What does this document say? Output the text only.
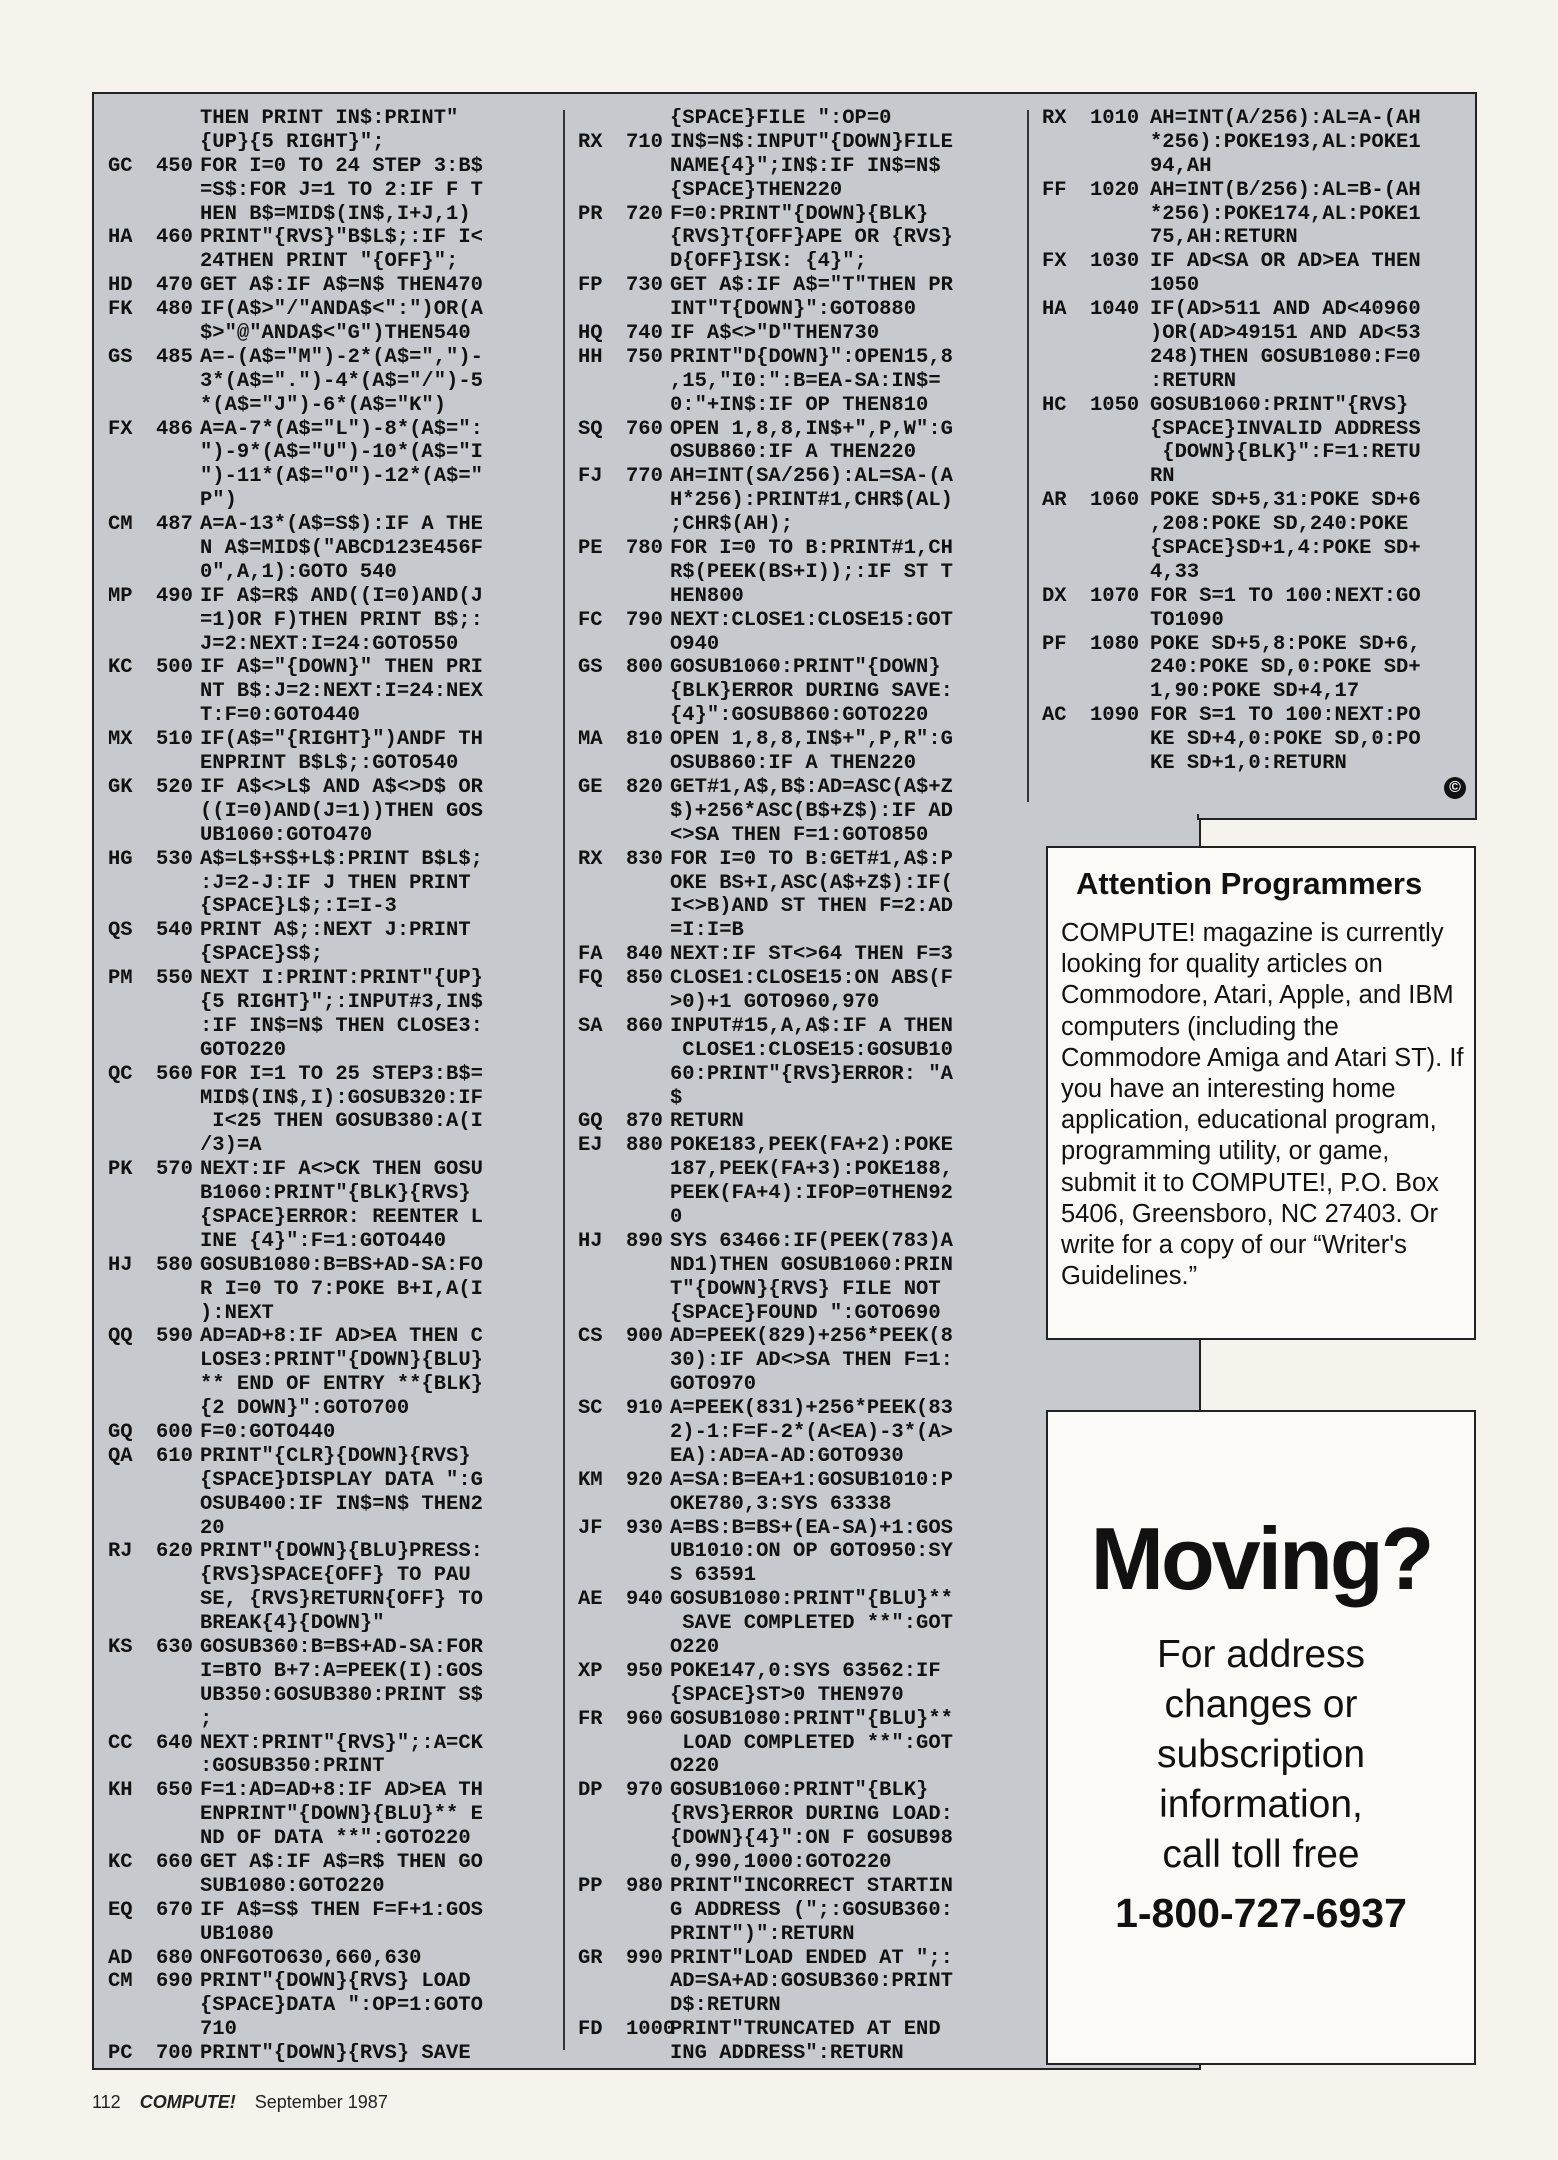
THEN PRINT IN$:PRINT"
{UP}{5 RIGHT}";
GC 450 FOR I=0 TO 24 STEP 3:B$
=S$:FOR J=1 TO 2:IF F T
HEN B$=MID$(IN$,I+J,1)
HA 460 PRINT"{RVS}"B$L$;:IF I<
24THEN PRINT "{OFF}";
HD 470 GET A$:IF A$=N$ THEN470
FK 480 IF(A$>"/"ANDA$<":")OR(A
$>"@"ANDA$<"G")THEN540
GS 485 A=-(A$="M")-2*(A$=",")-
3*(A$=".")-4*(A$="/")-5
*(A$="J")-6*(A$="K")
FX 486 A=A-7*(A$="L")-8*(A$=":
")-9*(A$="U")-10*(A$="I
")-11*(A$="O")-12*(A$="
P")
CM 487 A=A-13*(A$=S$):IF A THE
N A$=MID$("ABCD123E456F
0",A,1):GOTO 540
MP 490 IF A$=R$ AND((I=0)AND(J
=1)OR F)THEN PRINT B$;:
J=2:NEXT:I=24:GOTO550
KC 500 IF A$="{DOWN}" THEN PRI
NT B$:J=2:NEXT:I=24:NEX
T:F=0:GOTO440
MX 510 IF(A$="{RIGHT}")ANDF TH
ENPRINT B$L$;:GOTO540
GK 520 IF A$<>L$ AND A$<>D$ OR
((I=0)AND(J=1))THEN GOS
UB1060:GOTO470
HG 530 A$=L$+S$+L$:PRINT B$L$;
:J=2-J:IF J THEN PRINT
{SPACE}L$;:I=I-3
QS 540 PRINT A$;:NEXT J:PRINT
{SPACE}S$;
PM 550 NEXT I:PRINT:PRINT"{UP}
{5 RIGHT}";:INPUT#3,IN$
:IF IN$=N$ THEN CLOSE3:
GOTO220
QC 560 FOR I=1 TO 25 STEP3:B$=
MID$(IN$,I):GOSUB320:IF
I<25 THEN GOSUB380:A(I
/3)=A
PK 570 NEXT:IF A<>CK THEN GOSU
B1060:PRINT"{BLK}{RVS}
{SPACE}ERROR: REENTER L
INE {4}":F=1:GOTO440
HJ 580 GOSUB1080:B=BS+AD-SA:FO
R I=0 TO 7:POKE B+I,A(I
):NEXT
QQ 590 AD=AD+8:IF AD>EA THEN C
LOSE3:PRINT"{DOWN}{BLU}
** END OF ENTRY **{BLK}
{2 DOWN}":GOTO700
GQ 600 F=0:GOTO440
QA 610 PRINT"{CLR}{DOWN}{RVS}
{SPACE}DISPLAY DATA ":G
OSUB400:IF IN$=N$ THEN2
20
RJ 620 PRINT"{DOWN}{BLU}PRESS:
{RVS}SPACE{OFF} TO PAU
SE, {RVS}RETURN{OFF} TO
BREAK{4}{DOWN}"
KS 630 GOSUB360:B=BS+AD-SA:FOR
I=BTO B+7:A=PEEK(I):GOS
UB350:GOSUB380:PRINT S$
;
CC 640 NEXT:PRINT"{RVS}";:A=CK
:GOSUB350:PRINT
KH 650 F=1:AD=AD+8:IF AD>EA TH
ENPRINT"{DOWN}{BLU}** E
ND OF DATA **":GOTO220
KC 660 GET A$:IF A$=R$ THEN GO
SUB1080:GOTO220
EQ 670 IF A$=S$ THEN F=F+1:GOS
UB1080
AD 680 ONFGOTO630,660,630
CM 690 PRINT"{DOWN}{RVS} LOAD
{SPACE}DATA ":OP=1:GOTO
710
PC 700 PRINT"{DOWN}{RVS} SAVE
{SPACE}FILE ":OP=0
RX 710 IN$=N$:INPUT"{DOWN}FILE
NAME{4}";IN$:IF IN$=N$
{SPACE}THEN220
PR 720 F=0:PRINT"{DOWN}{BLK}
{RVS}T{OFF}APE OR {RVS}
D{OFF}ISK: {4}";
FP 730 GET A$:IF A$="T"THEN PR
INT"T{DOWN}":GOTO880
HQ 740 IF A$<>"D"THEN730
HH 750 PRINT"D{DOWN}":OPEN15,8
,15,"I0:":B=EA-SA:IN$=
0:"+IN$:IF OP THEN810
SQ 760 OPEN 1,8,8,IN$+",P,W":G
OSUB860:IF A THEN220
FJ 770 AH=INT(SA/256):AL=SA-(A
H*256):PRINT#1,CHR$(AL)
;CHR$(AH);
PE 780 FOR I=0 TO B:PRINT#1,CH
R$(PEEK(BS+I));:IF ST T
HEN800
FC 790 NEXT:CLOSE1:CLOSE15:GOT
O940
GS 800 GOSUB1060:PRINT"{DOWN}
{BLK}ERROR DURING SAVE:
{4}":GOSUB860:GOTO220
MA 810 OPEN 1,8,8,IN$+",P,R":G
OSUB860:IF A THEN220
GE 820 GET#1,A$,B$:AD=ASC(A$+Z
$)+256*ASC(B$+Z$):IF AD
<>SA THEN F=1:GOTO850
RX 830 FOR I=0 TO B:GET#1,A$:P
OKE BS+I,ASC(A$+Z$):IF(
I<>B)AND ST THEN F=2:AD
=I:I=B
FA 840 NEXT:IF ST<>64 THEN F=3
FQ 850 CLOSE1:CLOSE15:ON ABS(F
>0)+1 GOTO960,970
SA 860 INPUT#15,A,A$:IF A THEN
CLOSE1:CLOSE15:GOSUB10
60:PRINT"{RVS}ERROR: "A
$
GQ 870 RETURN
EJ 880 POKE183,PEEK(FA+2):POKE
187,PEEK(FA+3):POKE188,
PEEK(FA+4):IFOP=0THEN92
0
HJ 890 SYS 63466:IF(PEEK(783)A
ND1)THEN GOSUB1060:PRIN
T"{DOWN}{RVS} FILE NOT
{SPACE}FOUND ":GOTO690
CS 900 AD=PEEK(829)+256*PEEK(8
30):IF AD<>SA THEN F=1:
GOTO970
SC 910 A=PEEK(831)+256*PEEK(83
2)-1:F=F-2*(A<EA)-3*(A>
EA):AD=A-AD:GOTO930
KM 920 A=SA:B=EA+1:GOSUB1010:P
OKE780,3:SYS 63338
JF 930 A=BS:B=BS+(EA-SA)+1:GOS
UB1010:ON OP GOTO950:SY
S 63591
AE 940 GOSUB1080:PRINT"{BLU}**
SAVE COMPLETED **":GOT
O220
XP 950 POKE147,0:SYS 63562:IF
{SPACE}ST>0 THEN970
FR 960 GOSUB1080:PRINT"{BLU}**
LOAD COMPLETED **":GOT
O220
DP 970 GOSUB1060:PRINT"{BLK}
{RVS}ERROR DURING LOAD:
{DOWN}{4}":ON F GOSUB98
0,990,1000:GOTO220
PP 980 PRINT"INCORRECT STARTIN
G ADDRESS (";:GOSUB360:
PRINT")":RETURN
GR 990 PRINT"LOAD ENDED AT ";:
AD=SA+AD:GOSUB360:PRINT
D$:RETURN
FD 1000
PRINT"TRUNCATED AT END
ING ADDRESS":RETURN
RX 1010 AH=INT(A/256):AL=A-(AH
*256):POKE193,AL:POKE1
94,AH
FF 1020 AH=INT(B/256):AL=B-(AH
*256):POKE174,AL:POKE1
75,AH:RETURN
FX 1030 IF AD<SA OR AD>EA THEN
1050
HA 1040 IF(AD>511 AND AD<40960
)OR(AD>49151 AND AD<53
248)THEN GOSUB1080:F=0
:RETURN
HC 1050 GOSUB1060:PRINT"{RVS}
{SPACE}INVALID ADDRESS
{DOWN}{BLK}":F=1:RETU
RN
AR 1060 POKE SD+5,31:POKE SD+6
,208:POKE SD,240:POKE
{SPACE}SD+1,4:POKE SD+
4,33
DX 1070 FOR S=1 TO 100:NEXT:GO
TO1090
PF 1080 POKE SD+5,8:POKE SD+6,
240:POKE SD,0:POKE SD+
1,90:POKE SD+4,17
AC 1090 FOR S=1 TO 100:NEXT:PO
KE SD+4,0:POKE SD,0:PO
KE SD+1,0:RETURN
©
Attention Programmers
COMPUTE! magazine is currently looking for quality articles on Commodore, Atari, Apple, and IBM computers (including the Commodore Amiga and Atari ST). If you have an interesting home application, educational program, programming utility, or game, submit it to COMPUTE!, P.O. Box 5406, Greensboro, NC 27403. Or write for a copy of our “Writer's Guidelines.”
Moving?
For address
changes or
subscription
information,
call toll free
1-800-727-6937
112 COMPUTE! September 1987
